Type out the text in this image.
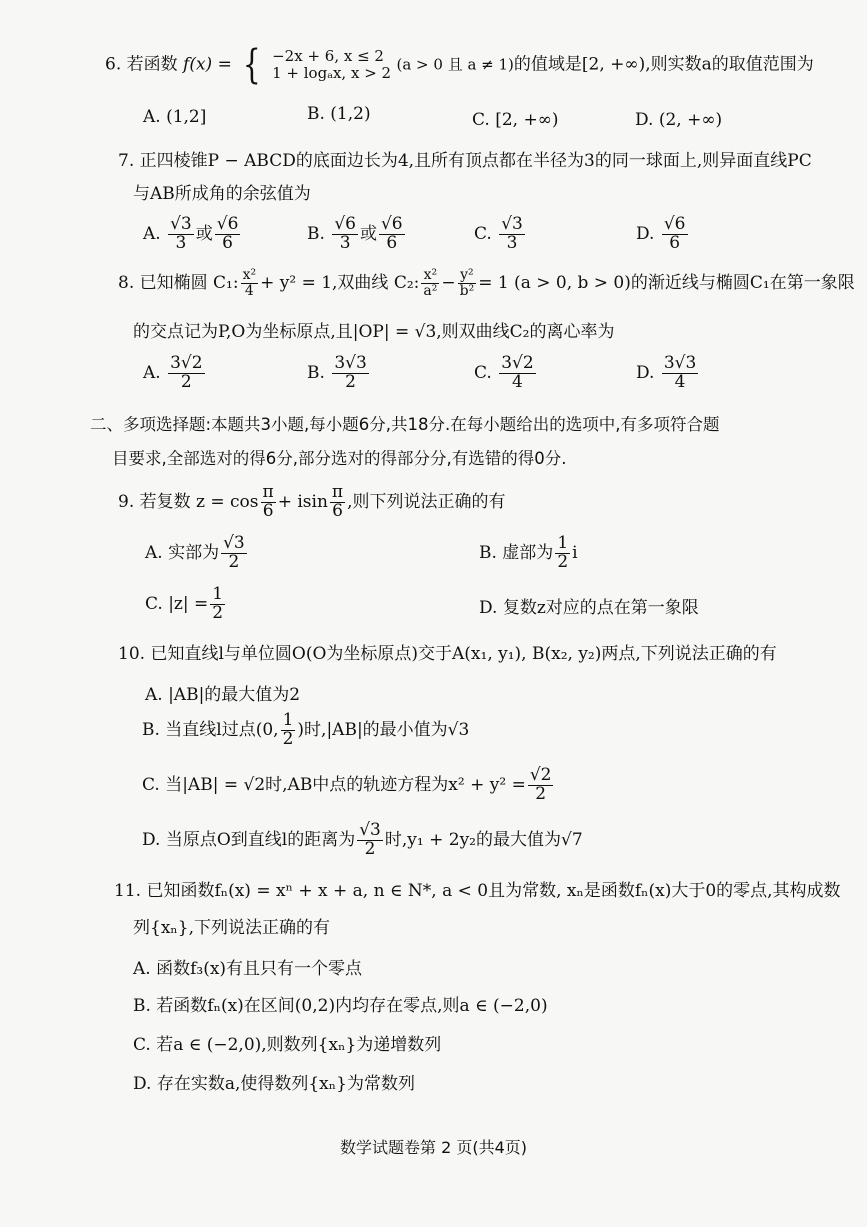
6. 若函数 f(x) = { −2x + 6, x ≤ 2
1 + logₐx, x > 2 (a > 0 且 a ≠ 1)的值域是[2, +∞),则实数a的取值范围为
A. (1,2]	B. (1,2)	C. [2, +∞)	D. (2, +∞)
7. 正四棱锥P − ABCD的底面边长为4,且所有顶点都在半径为3的同一球面上,则异面直线PC
与AB所成角的余弦值为
A. $\frac{√3}{3}$ 或 $\frac{√6}{6}$	B. $\frac{√6}{3}$ 或 $\frac{√6}{6}$	C. $\frac{√3}{3}$	D. $\frac{√6}{6}$
8. 已知椭圆 C₁: $\frac{\text{x²}}{4} + y^2 = 1$,双曲线 C₂: $\frac{\text{x²}}{\text{a²}} - \frac{\text{y²}}{\text{b²}} = 1$ (a > 0, b > 0)的渐近线与椭圆C₁在第一象限
的交点记为P,O为坐标原点,且|OP| = √3,则双曲线C₂的离心率为
A. $\frac{3√2}{2}$	B. $\frac{3√3}{2}$	C. $\frac{3√2}{4}$	D. $\frac{3√3}{4}$
二、多项选择题:本题共3小题,每小题6分,共18分.在每小题给出的选项中,有多项符合题
目要求,全部选对的得6分,部分选对的得部分分,有选错的得0分.
9. 若复数 $z = \cos \frac{\pi}{6} + isin \frac{\pi}{6}$ ,则下列说法正确的有
A. 实部为 $\frac{√3}{2}$	B. 虚部为 $\frac{1}{2}$ i
C. $|z| = \frac{1}{2}$	D. 复数z对应的点在第一象限
10. 已知直线l与单位圆O(O为坐标原点)交于A(x₁, y₁), B(x₂, y₂)两点,下列说法正确的有
A. |AB|的最大值为2
B. 当直线l过点(0, $\frac{1}{2}$ )时,|AB|的最小值为√3
C. 当|AB| = √2时,AB中点的轨迹方程为$x^2 + y^2 = \frac{√2}{2}$
D. 当原点O到直线l的距离为 $\frac{√3}{2}$ 时,y₁ + 2y₂的最大值为√7
11. 已知函数fₙ(x) = xⁿ + x + a, n ∈ N*, a < 0且为常数, xₙ是函数fₙ(x)大于0的零点,其构成数
列{xₙ},下列说法正确的有
A. 函数f₃(x)有且只有一个零点
B. 若函数fₙ(x)在区间(0,2)内均存在零点,则a ∈ (−2,0)
C. 若a ∈ (−2,0),则数列{xₙ}为递增数列
D. 存在实数a,使得数列{xₙ}为常数列
数学试题卷第 2 页(共4页)
